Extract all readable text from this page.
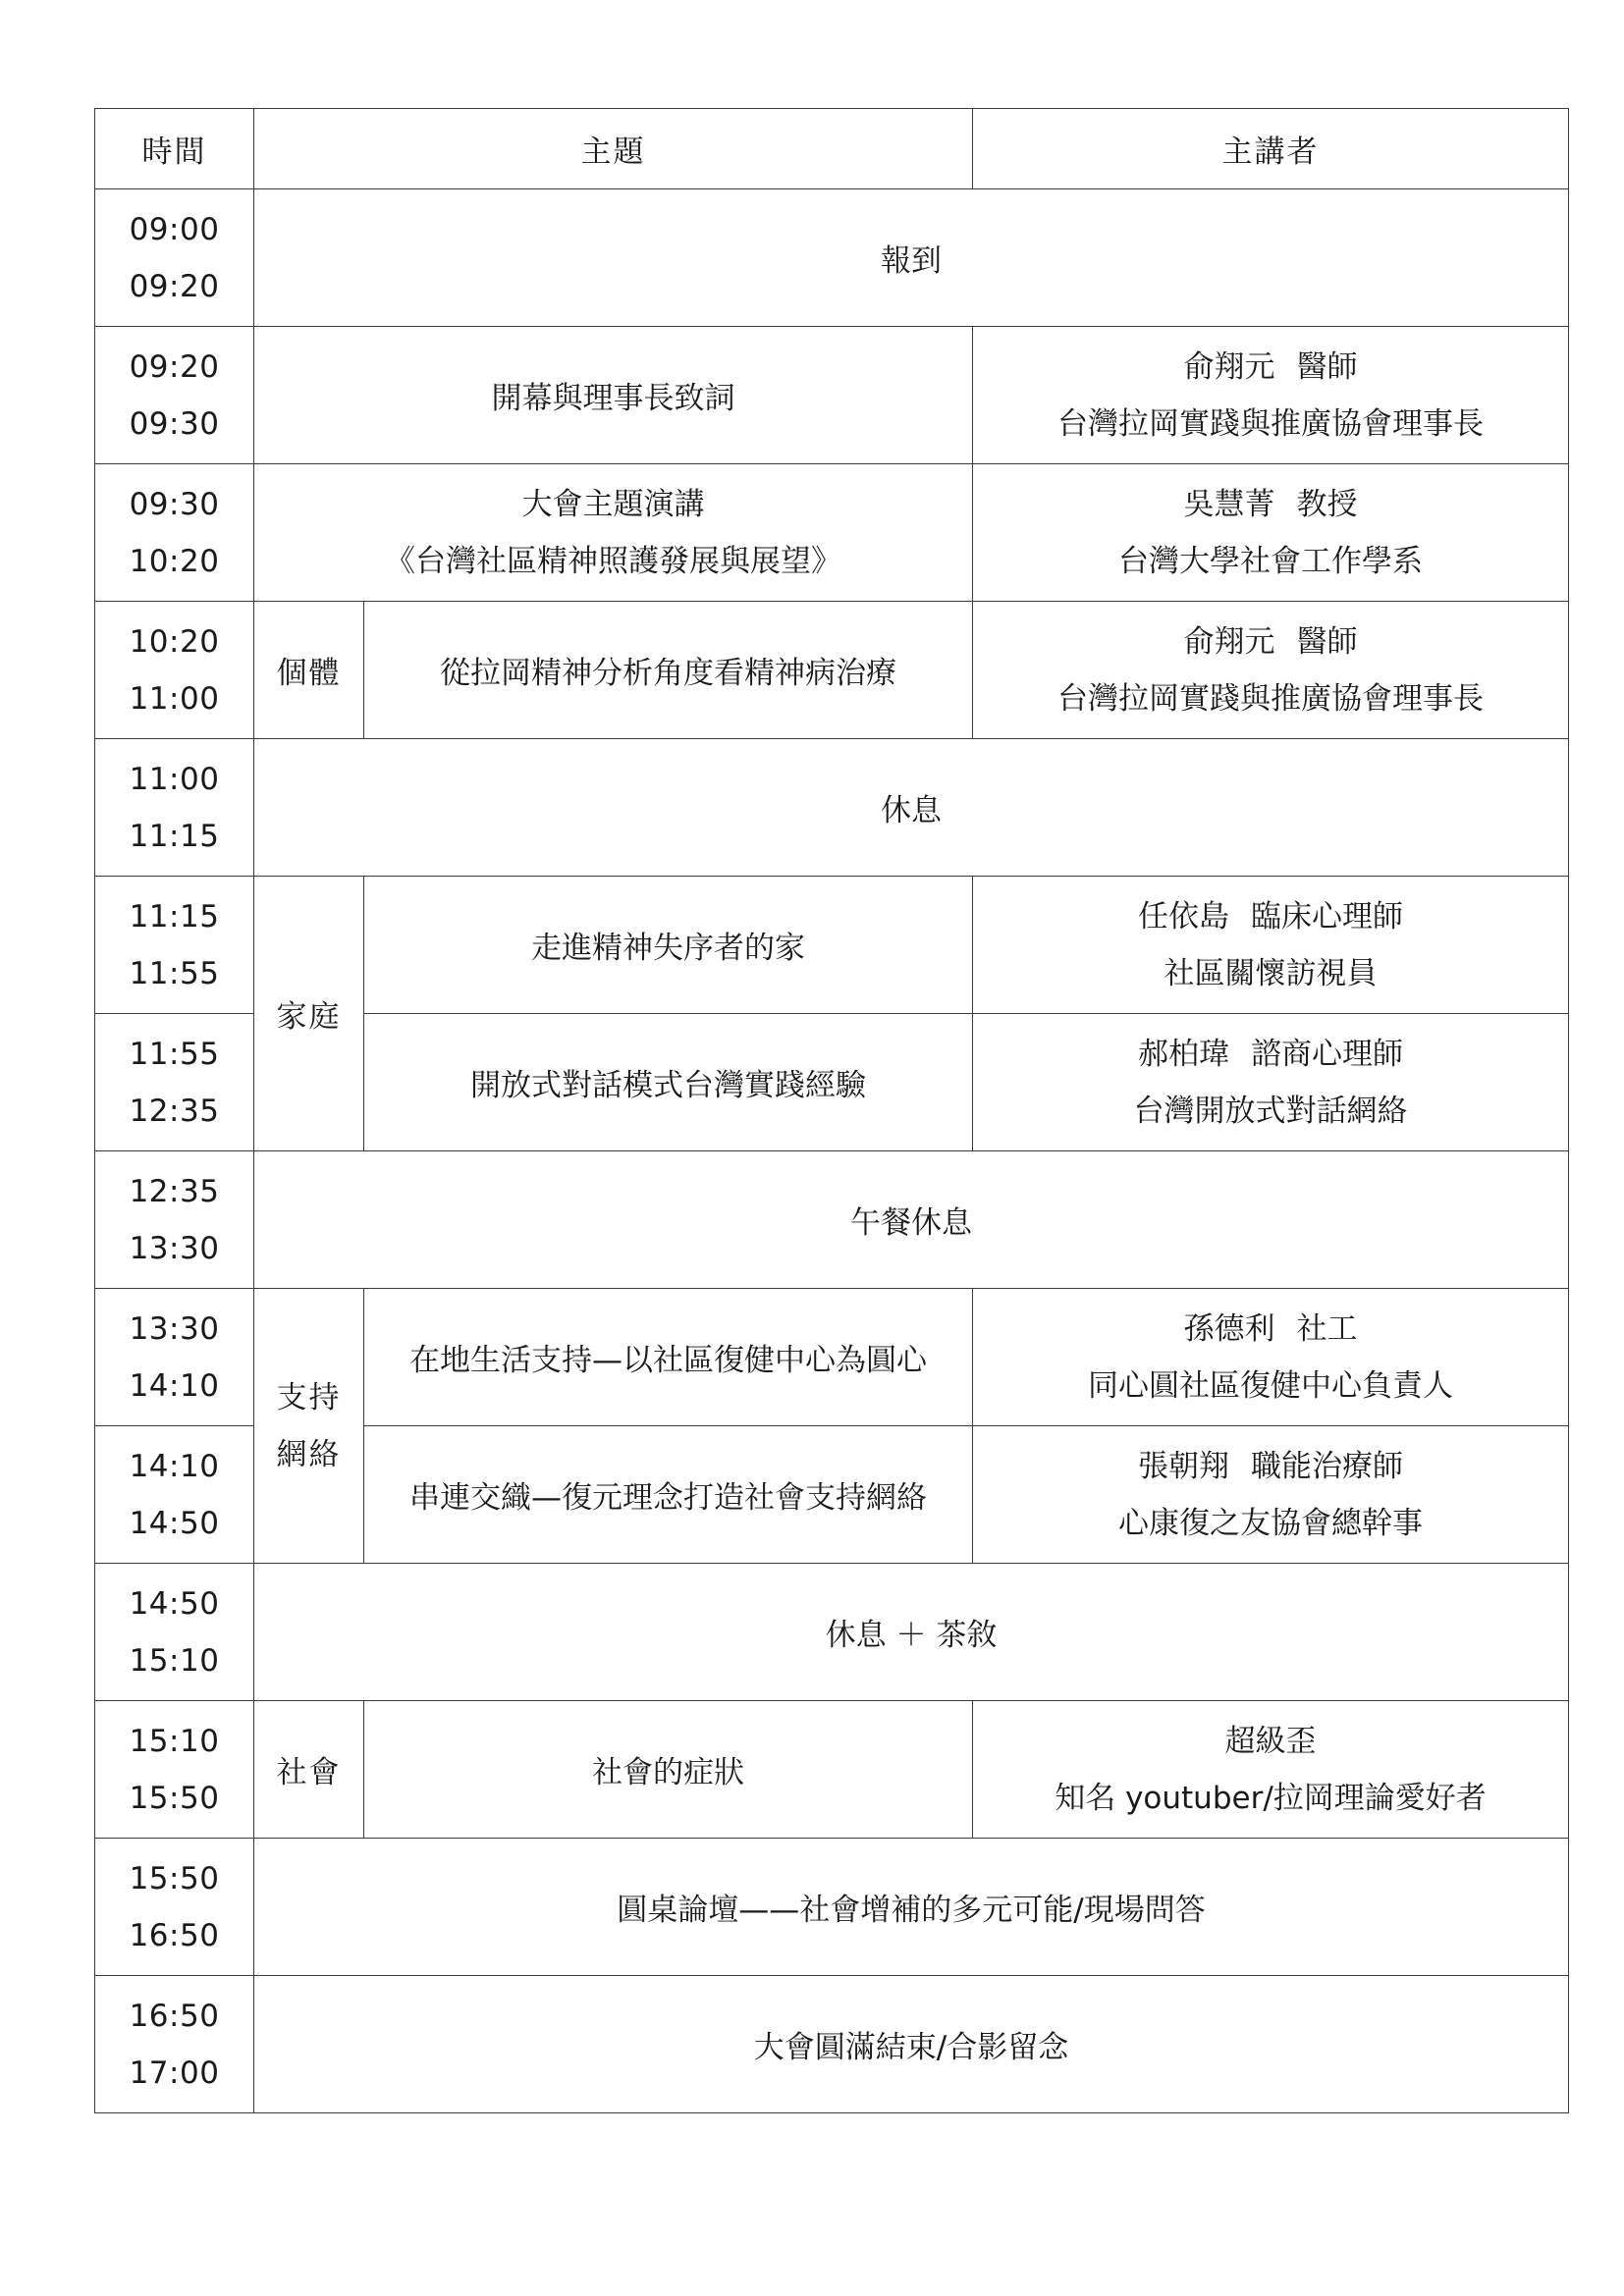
時間	主題		主講者

09:00
09:20	報到		

09:20
09:30	開幕與理事長致詞		俞翔元 醫師
台灣拉岡實踐與推廣協會理事長

09:30
10:20	大會主題演講
《台灣社區精神照護發展與展望》		吳慧菁 教授
台灣大學社會工作學系

10:20
11:00	個體	從拉岡精神分析角度看精神病治療	俞翔元 醫師
台灣拉岡實踐與推廣協會理事長

11:00
11:15	休息		

11:15
11:55	家庭	走進精神失序者的家	任依島 臨床心理師
社區關懷訪視員

11:55
12:35		開放式對話模式台灣實踐經驗	郝柏瑋 諮商心理師
台灣開放式對話網絡

12:35
13:30	午餐休息		

13:30
14:10	支持
網絡	在地生活支持—以社區復健中心為圓心	孫德利 社工
同心圓社區復健中心負責人

14:10
14:50		串連交織—復元理念打造社會支持網絡	張朝翔 職能治療師
心康復之友協會總幹事

14:50
15:10	休息 ＋ 茶敘		

15:10
15:50	社會	社會的症狀	超級歪
知名 youtuber/拉岡理論愛好者

15:50
16:50	圓桌論壇——社會增補的多元可能/現場問答		

16:50
17:00	大會圓滿結束/合影留念		
